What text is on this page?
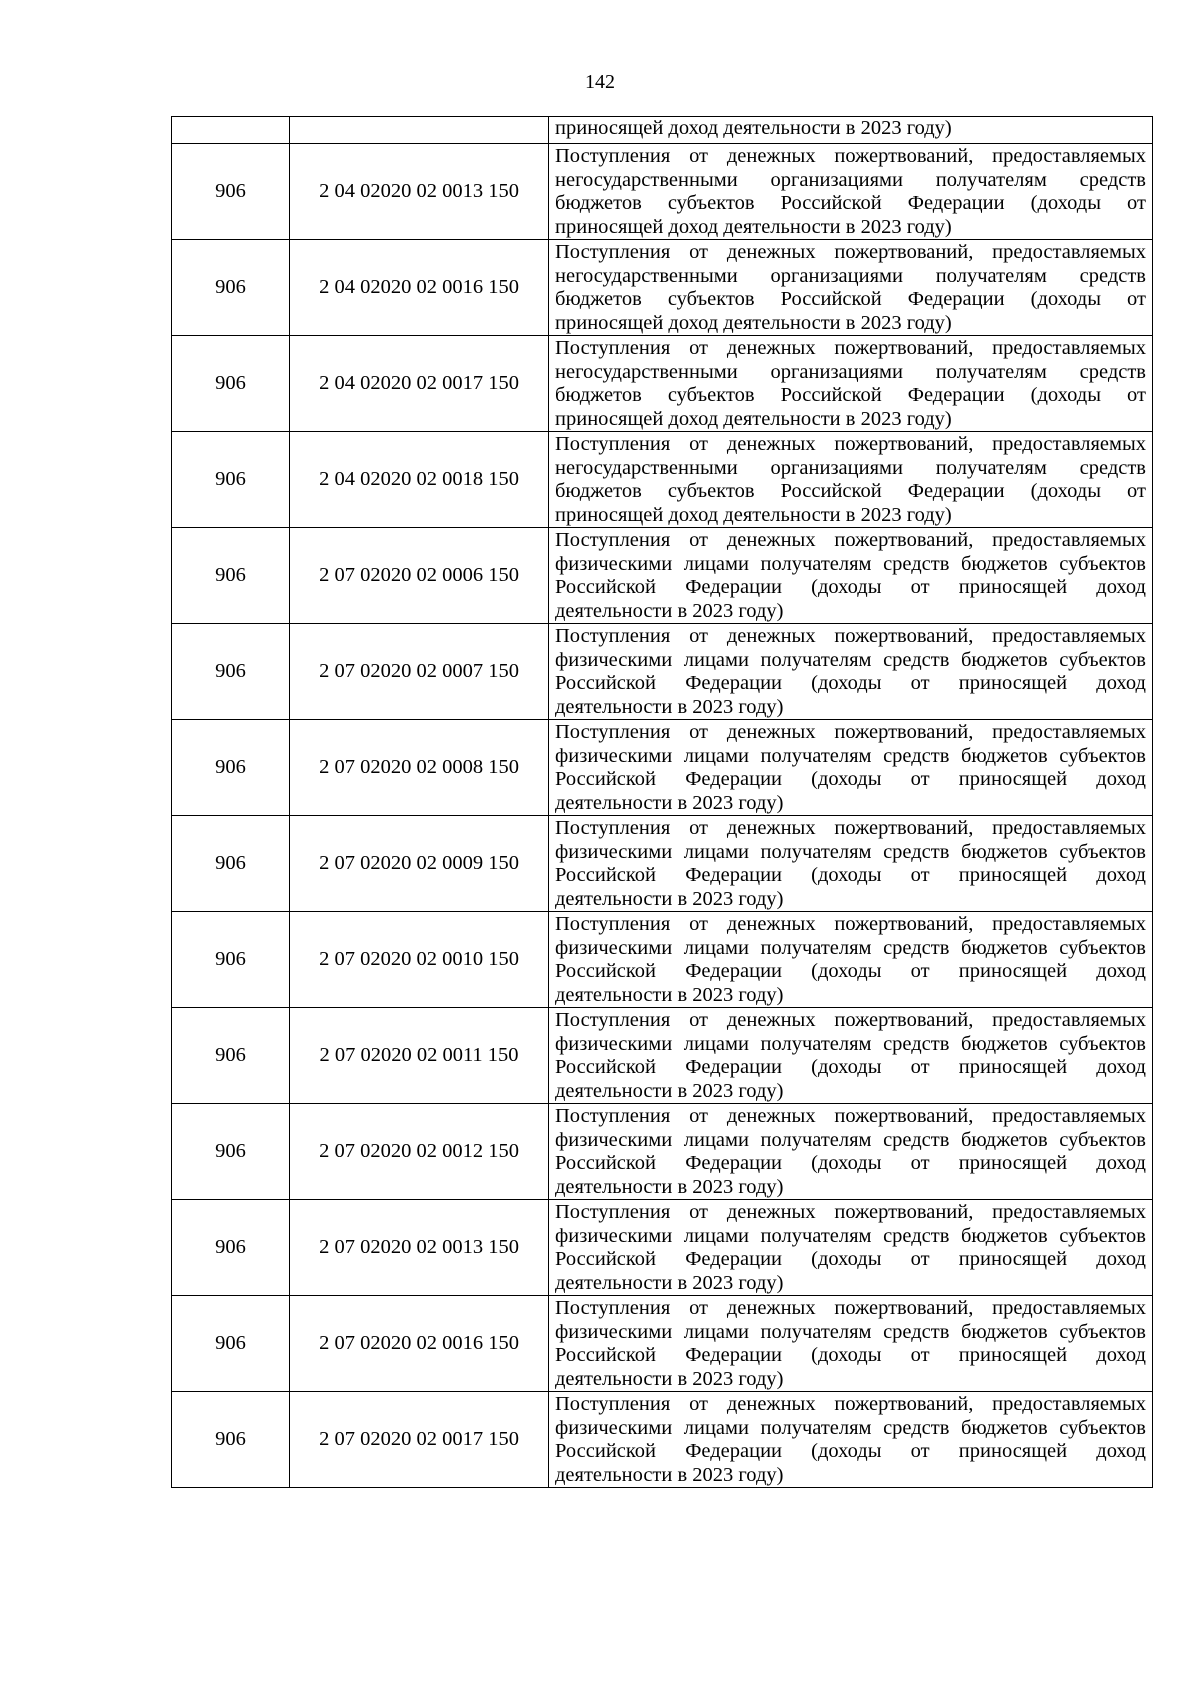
142
		приносящей доход деятельности в 2023 году)
906	2 04 02020 02 0013 150	Поступления от денежных пожертвований, предоставляемых негосударственными организациями получателям средств бюджетов субъектов Российской Федерации (доходы от приносящей доход деятельности в 2023 году)
906	2 04 02020 02 0016 150	Поступления от денежных пожертвований, предоставляемых негосударственными организациями получателям средств бюджетов субъектов Российской Федерации (доходы от приносящей доход деятельности в 2023 году)
906	2 04 02020 02 0017 150	Поступления от денежных пожертвований, предоставляемых негосударственными организациями получателям средств бюджетов субъектов Российской Федерации (доходы от приносящей доход деятельности в 2023 году)
906	2 04 02020 02 0018 150	Поступления от денежных пожертвований, предоставляемых негосударственными организациями получателям средств бюджетов субъектов Российской Федерации (доходы от приносящей доход деятельности в 2023 году)
906	2 07 02020 02 0006 150	Поступления от денежных пожертвований, предоставляемых физическими лицами получателям средств бюджетов субъектов Российской Федерации (доходы от приносящей доход деятельности в 2023 году)
906	2 07 02020 02 0007 150	Поступления от денежных пожертвований, предоставляемых физическими лицами получателям средств бюджетов субъектов Российской Федерации (доходы от приносящей доход деятельности в 2023 году)
906	2 07 02020 02 0008 150	Поступления от денежных пожертвований, предоставляемых физическими лицами получателям средств бюджетов субъектов Российской Федерации (доходы от приносящей доход деятельности в 2023 году)
906	2 07 02020 02 0009 150	Поступления от денежных пожертвований, предоставляемых физическими лицами получателям средств бюджетов субъектов Российской Федерации (доходы от приносящей доход деятельности в 2023 году)
906	2 07 02020 02 0010 150	Поступления от денежных пожертвований, предоставляемых физическими лицами получателям средств бюджетов субъектов Российской Федерации (доходы от приносящей доход деятельности в 2023 году)
906	2 07 02020 02 0011 150	Поступления от денежных пожертвований, предоставляемых физическими лицами получателям средств бюджетов субъектов Российской Федерации (доходы от приносящей доход деятельности в 2023 году)
906	2 07 02020 02 0012 150	Поступления от денежных пожертвований, предоставляемых физическими лицами получателям средств бюджетов субъектов Российской Федерации (доходы от приносящей доход деятельности в 2023 году)
906	2 07 02020 02 0013 150	Поступления от денежных пожертвований, предоставляемых физическими лицами получателям средств бюджетов субъектов Российской Федерации (доходы от приносящей доход деятельности в 2023 году)
906	2 07 02020 02 0016 150	Поступления от денежных пожертвований, предоставляемых физическими лицами получателям средств бюджетов субъектов Российской Федерации (доходы от приносящей доход деятельности в 2023 году)
906	2 07 02020 02 0017 150	Поступления от денежных пожертвований, предоставляемых физическими лицами получателям средств бюджетов субъектов Российской Федерации (доходы от приносящей доход деятельности в 2023 году)
